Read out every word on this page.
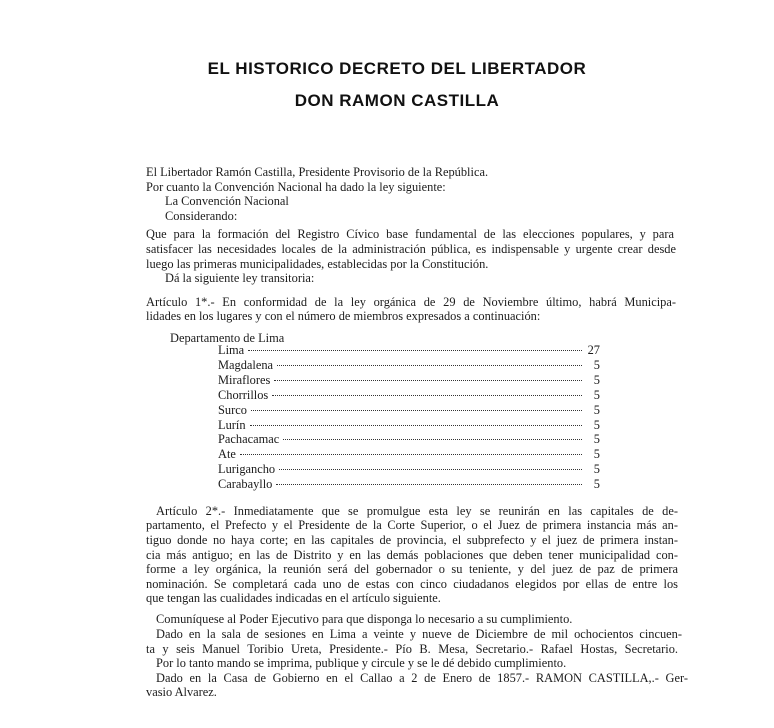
EL HISTORICO DECRETO DEL LIBERTADOR
DON RAMON CASTILLA
El Libertador Ramón Castilla, Presidente Provisorio de la República.
Por cuanto la Convención Nacional ha dado la ley siguiente:
La Convención Nacional
Considerando:
Que para la formación del Registro Cívico base fundamental de las elecciones populares, y para
satisfacer las necesidades locales de la administración pública, es indispensable y urgente crear desde
luego las primeras municipalidades, establecidas por la Constitución.
Dá la siguiente ley transitoria:
Artículo 1*.- En conformidad de la ley orgánica de 29 de Noviembre último, habrá Municipa-
lidades en los lugares y con el número de miembros expresados a continuación:
Departamento de Lima
Lima	27
Magdalena	5
Miraflores	5
Chorrillos	5
Surco	5
Lurín	5
Pachacamac	5
Ate	5
Lurigancho	5
Carabayllo	5
Artículo 2*.- Inmediatamente que se promulgue esta ley se reunirán en las capitales de de-
partamento, el Prefecto y el Presidente de la Corte Superior, o el Juez de primera instancia más an-
tiguo donde no haya corte; en las capitales de provincia, el subprefecto y el juez de primera instan-
cia más antiguo; en las de Distrito y en las demás poblaciones que deben tener municipalidad con-
forme a ley orgánica, la reunión será del gobernador o su teniente, y del juez de paz de primera
nominación. Se completará cada uno de estas con cinco ciudadanos elegidos por ellas de entre los
que tengan las cualidades indicadas en el artículo siguiente.
Comuníquese al Poder Ejecutivo para que disponga lo necesario a su cumplimiento.
Dado en la sala de sesiones en Lima a veinte y nueve de Diciembre de mil ochocientos cincuen-
ta y seis Manuel Toribio Ureta, Presidente.- Pío B. Mesa, Secretario.- Rafael Hostas, Secretario.
Por lo tanto mando se imprima, publique y circule y se le dé debido cumplimiento.
Dado en la Casa de Gobierno en el Callao a 2 de Enero de 1857.- RAMON CASTILLA,.- Ger-
vasio Alvarez.
